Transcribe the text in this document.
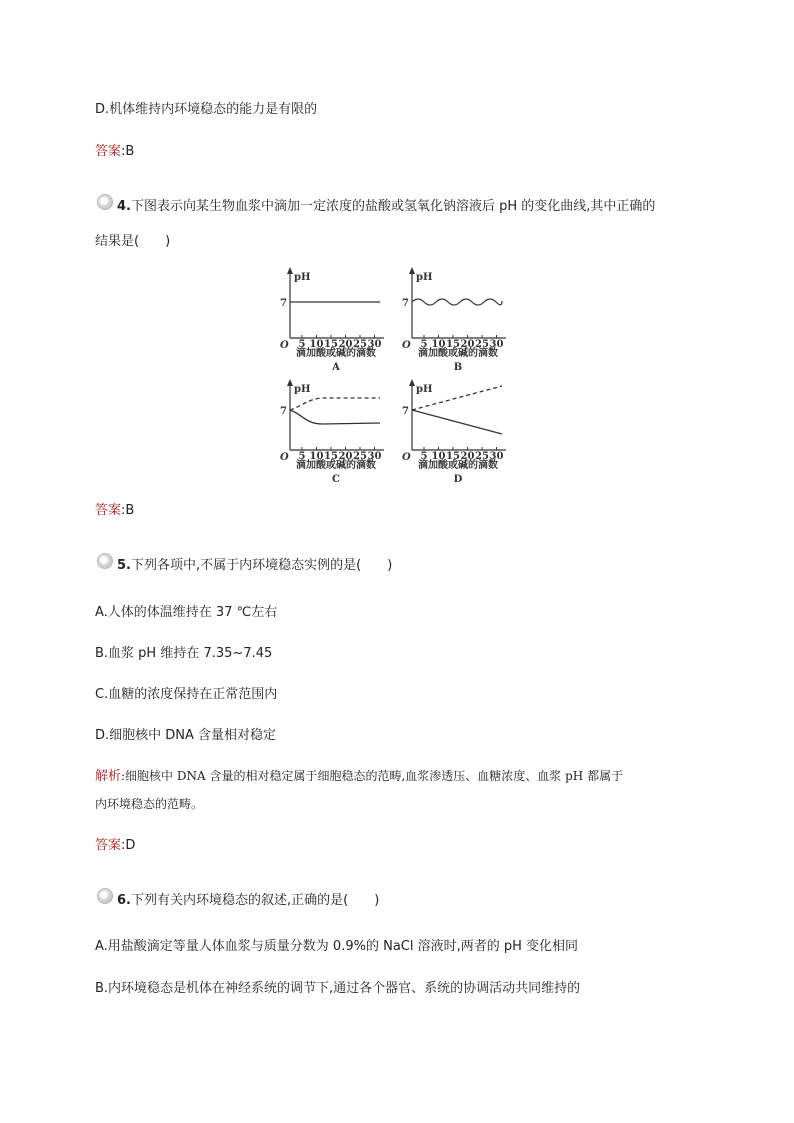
D.机体维持内环境稳态的能力是有限的
答案:B
4.下图表示向某生物血浆中滴加一定浓度的盐酸或氢氧化钠溶液后 pH 的变化曲线,其中正确的
结果是(　　)
pH
7
O 5 10 15 20 25 30
滴加酸或碱的滴数
A
pH
7
O 5 10 15 20 25 30
滴加酸或碱的滴数
B
pH
7
O 5 10 15 20 25 30
滴加酸或碱的滴数
C
pH
7
O 5 10 15 20 25 30
滴加酸或碱的滴数
D
答案:B
5.下列各项中,不属于内环境稳态实例的是(　　)
A.人体的体温维持在 37 ℃左右
B.血浆 pH 维持在 7.35~7.45
C.血糖的浓度保持在正常范围内
D.细胞核中 DNA 含量相对稳定
解析:细胞核中 DNA 含量的相对稳定属于细胞稳态的范畴,血浆渗透压、血糖浓度、血浆 pH 都属于
内环境稳态的范畴。
答案:D
6.下列有关内环境稳态的叙述,正确的是(　　)
A.用盐酸滴定等量人体血浆与质量分数为 0.9%的 NaCl 溶液时,两者的 pH 变化相同
B.内环境稳态是机体在神经系统的调节下,通过各个器官、系统的协调活动共同维持的
